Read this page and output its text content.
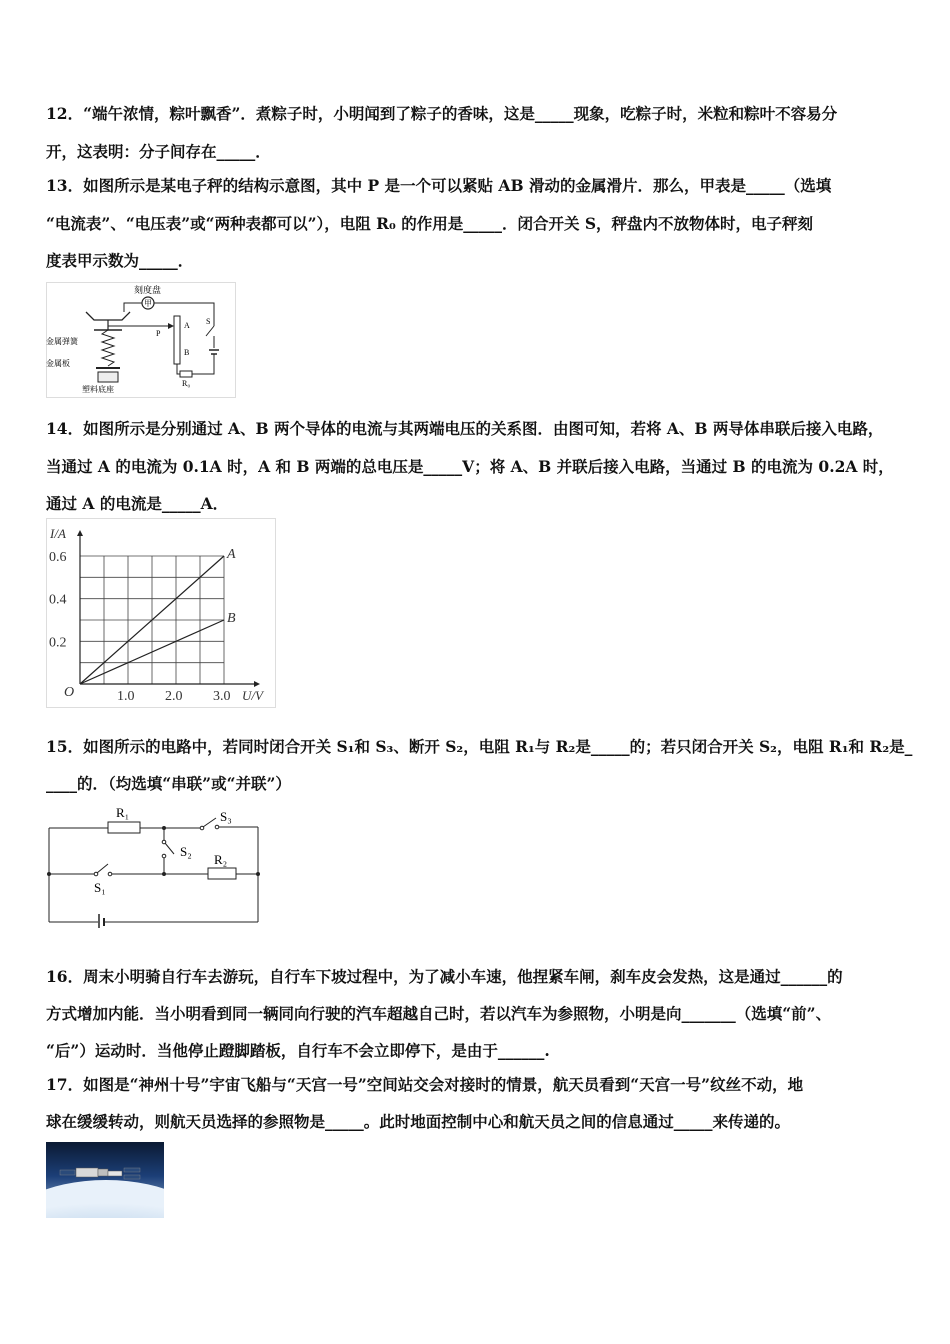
12．“端午浓情，粽叶飘香”．煮粽子时，小明闻到了粽子的香味，这是_____现象，吃粽子时，米粒和粽叶不容易分
开，这表明：分子间存在_____．
13．如图所示是某电子秤的结构示意图，其中 P 是一个可以紧贴 AB 滑动的金属滑片．那么，甲表是_____（选填
“电流表”、“电压表”或“两种表都可以”），电阻 R₀ 的作用是_____．闭合开关 S，秤盘内不放物体时，电子秤刻
度表甲示数为_____．
刻度盘
甲
P
A
B
金属弹簧
金属板
塑料底座
S
R₀
14．如图所示是分别通过 A、B 两个导体的电流与其两端电压的关系图．由图可知，若将 A、B 两导体串联后接入电路，
当通过 A 的电流为 0.1A 时，A 和 B 两端的总电压是_____V；将 A、B 并联后接入电路，当通过 B 的电流为 0.2A 时，
通过 A 的电流是_____A．
A
B
1.0 2.0 3.0
0.2
0.4
0.6
O
I/A
U/V
15．如图所示的电路中，若同时闭合开关 S₁和 S₃、断开 S₂，电阻 R₁与 R₂是_____的；若只闭合开关 S₂，电阻 R₁和 R₂是_
____的．（均选填“串联”或“并联”）
R₁	S₃
S₂
S₁
R₂
16．周末小明骑自行车去游玩，自行车下坡过程中，为了减小车速，他捏紧车闸，刹车皮会发热，这是通过______的
方式增加内能．当小明看到同一辆同向行驶的汽车超越自己时，若以汽车为参照物，小明是向_______（选填“前”、
“后”）运动时．当他停止蹬脚踏板，自行车不会立即停下，是由于______.
17．如图是“神州十号”宇宙飞船与“天宫一号”空间站交会对接时的情景，航天员看到“天宫一号”纹丝不动，地
球在缓缓转动，则航天员选择的参照物是_____。此时地面控制中心和航天员之间的信息通过_____来传递的。
